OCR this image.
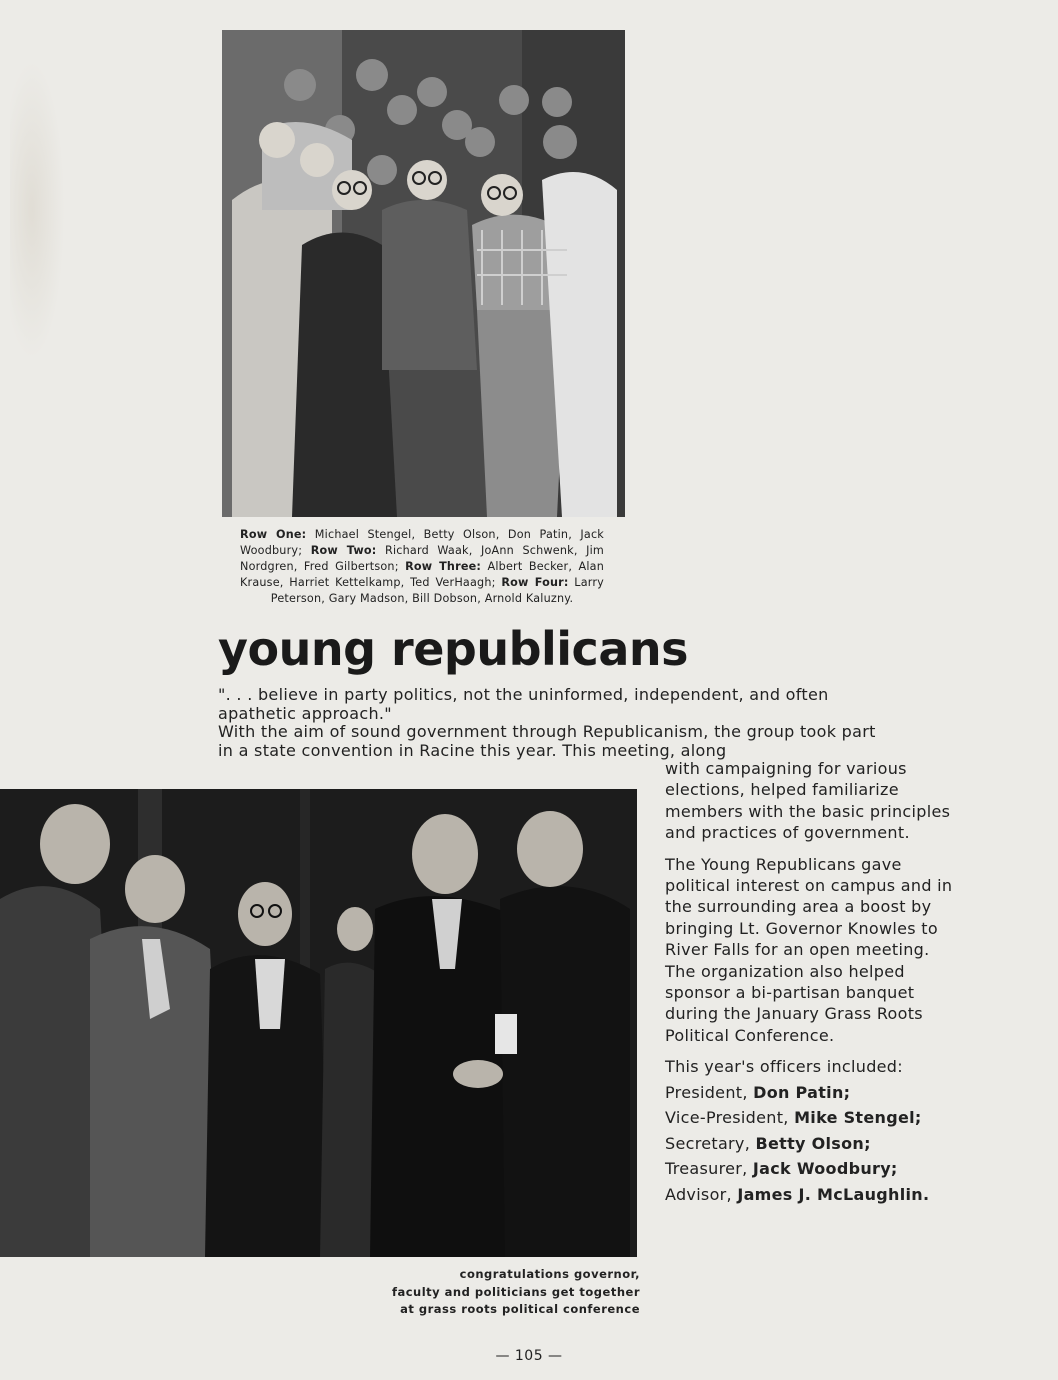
Row One: Michael Stengel, Betty Olson, Don Patin, Jack Woodbury; Row Two: Richard Waak, JoAnn Schwenk, Jim Nordgren, Fred Gilbertson; Row Three: Albert Becker, Alan Krause, Harriet Kettelkamp, Ted VerHaagh; Row Four: Larry Peterson, Gary Madson, Bill Dobson, Arnold Kaluzny.
young republicans

". . . believe in party politics, not the uninformed, independent, and often

apathetic approach."

With the aim of sound government through Republicanism, the group took part

in a state convention in Racine this year. This meeting, along

with campaigning for various elections, helped familiarize members with the basic principles and practices of government.

The Young Republicans gave political interest on campus and in the surrounding area a boost by bringing Lt. Governor Knowles to River Falls for an open meeting. The organization also helped sponsor a bi-partisan banquet during the January Grass Roots Political Conference.

This year's officers included:

President, Don Patin;
Vice-President, Mike Stengel;
Secretary, Betty Olson;
Treasurer, Jack Woodbury;
Advisor, James J. McLaughlin.
congratulations governor,
faculty and politicians get together
at grass roots political conference
— 105 —
